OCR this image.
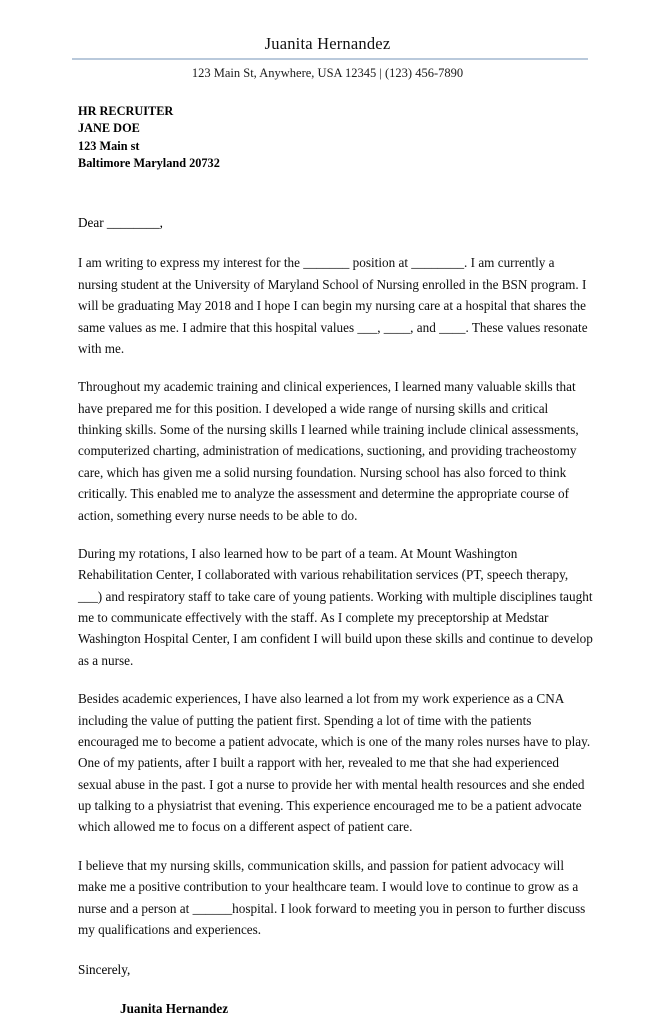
Juanita Hernandez
123 Main St, Anywhere, USA 12345 | (123) 456-7890
HR RECRUITER
JANE DOE
123 Main st
Baltimore Maryland 20732
Dear ________,

I am writing to express my interest for the _______ position at ________. I am currently a nursing student at the University of Maryland School of Nursing enrolled in the BSN program. I will be graduating May 2018 and I hope I can begin my nursing care at a hospital that shares the same values as me. I admire that this hospital values ___, ____, and ____. These values resonate with me.

Throughout my academic training and clinical experiences, I learned many valuable skills that have prepared me for this position. I developed a wide range of nursing skills and critical thinking skills. Some of the nursing skills I learned while training include clinical assessments, computerized charting, administration of medications, suctioning, and providing tracheostomy care, which has given me a solid nursing foundation. Nursing school has also forced to think critically. This enabled me to analyze the assessment and determine the appropriate course of action, something every nurse needs to be able to do.

During my rotations, I also learned how to be part of a team. At Mount Washington Rehabilitation Center, I collaborated with various rehabilitation services (PT, speech therapy, ___) and respiratory staff to take care of young patients. Working with multiple disciplines taught me to communicate effectively with the staff. As I complete my preceptorship at Medstar Washington Hospital Center, I am confident I will build upon these skills and continue to develop as a nurse.

Besides academic experiences, I have also learned a lot from my work experience as a CNA including the value of putting the patient first. Spending a lot of time with the patients encouraged me to become a patient advocate, which is one of the many roles nurses have to play. One of my patients, after I built a rapport with her, revealed to me that she had experienced sexual abuse in the past. I got a nurse to provide her with mental health resources and she ended up talking to a physiatrist that evening. This experience encouraged me to be a patient advocate which allowed me to focus on a different aspect of patient care.

I believe that my nursing skills, communication skills, and passion for patient advocacy will make me a positive contribution to your healthcare team. I would love to continue to grow as a nurse and a person at ______hospital. I look forward to meeting you in person to further discuss my qualifications and experiences.

Sincerely,
Juanita Hernandez
